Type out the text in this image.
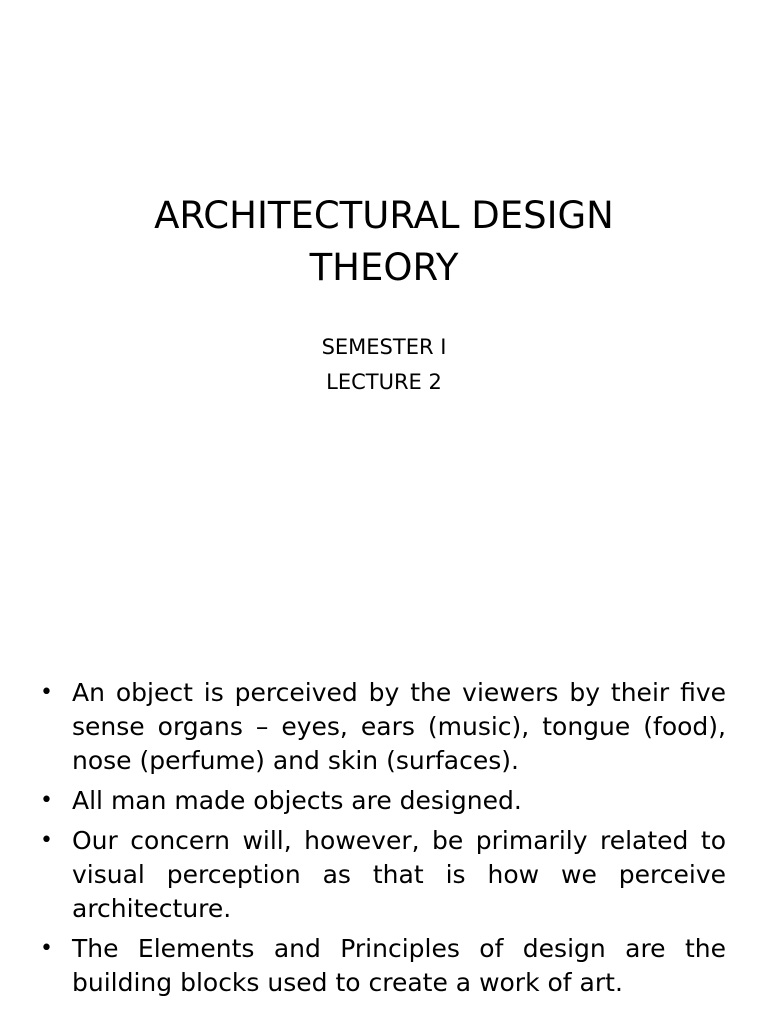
ARCHITECTURAL DESIGN
THEORY
SEMESTER I
LECTURE 2
• An object is perceived by the viewers by their five sense organs – eyes, ears (music), tongue (food), nose (perfume) and skin (surfaces).
• All man made objects are designed.
• Our concern will, however, be primarily related to visual perception as that is how we perceive architecture.
• The Elements and Principles of design are the building blocks used to create a work of art.
